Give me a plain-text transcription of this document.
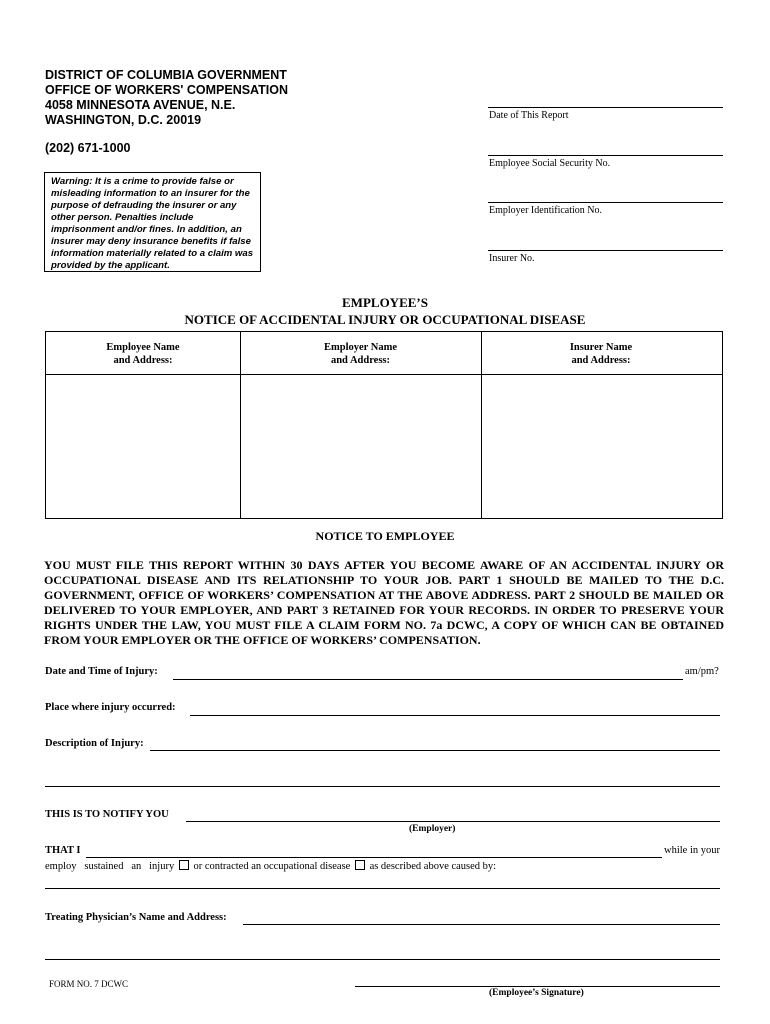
DISTRICT OF COLUMBIA GOVERNMENT
OFFICE OF WORKERS' COMPENSATION
4058 MINNESOTA AVENUE, N.E.
WASHINGTON, D.C. 20019
(202) 671-1000
Warning: It is a crime to provide false or misleading information to an insurer for the purpose of defrauding the insurer or any other person. Penalties include imprisonment and/or fines. In addition, an insurer may deny insurance benefits if false information materially related to a claim was provided by the applicant.
Date of This Report
Employee Social Security No.
Employer Identification No.
Insurer No.
EMPLOYEE’S
NOTICE OF ACCIDENTAL INJURY OR OCCUPATIONAL DISEASE
Employee Name
and Address:
Employer Name
and Address:
Insurer Name
and Address:
NOTICE TO EMPLOYEE
YOU MUST FILE THIS REPORT WITHIN 30 DAYS AFTER YOU BECOME AWARE OF AN ACCIDENTAL INJURY OR OCCUPATIONAL DISEASE AND ITS RELATIONSHIP TO YOUR JOB. PART 1 SHOULD BE MAILED TO THE D.C. GOVERNMENT, OFFICE OF WORKERS’ COMPENSATION AT THE ABOVE ADDRESS. PART 2 SHOULD BE MAILED OR DELIVERED TO YOUR EMPLOYER, AND PART 3 RETAINED FOR YOUR RECORDS. IN ORDER TO PRESERVE YOUR RIGHTS UNDER THE LAW, YOU MUST FILE A CLAIM FORM NO. 7a DCWC, A COPY OF WHICH CAN BE OBTAINED FROM YOUR EMPLOYER OR THE OFFICE OF WORKERS’ COMPENSATION.
Date and Time of Injury:	am/pm?
Place where injury occurred:
Description of Injury:
THIS IS TO NOTIFY YOU
(Employer)
THAT I	while in your
employ sustained an injury or contracted an occupational disease as described above caused by:
Treating Physician’s Name and Address:
FORM NO. 7 DCWC
(Employee’s Signature)
